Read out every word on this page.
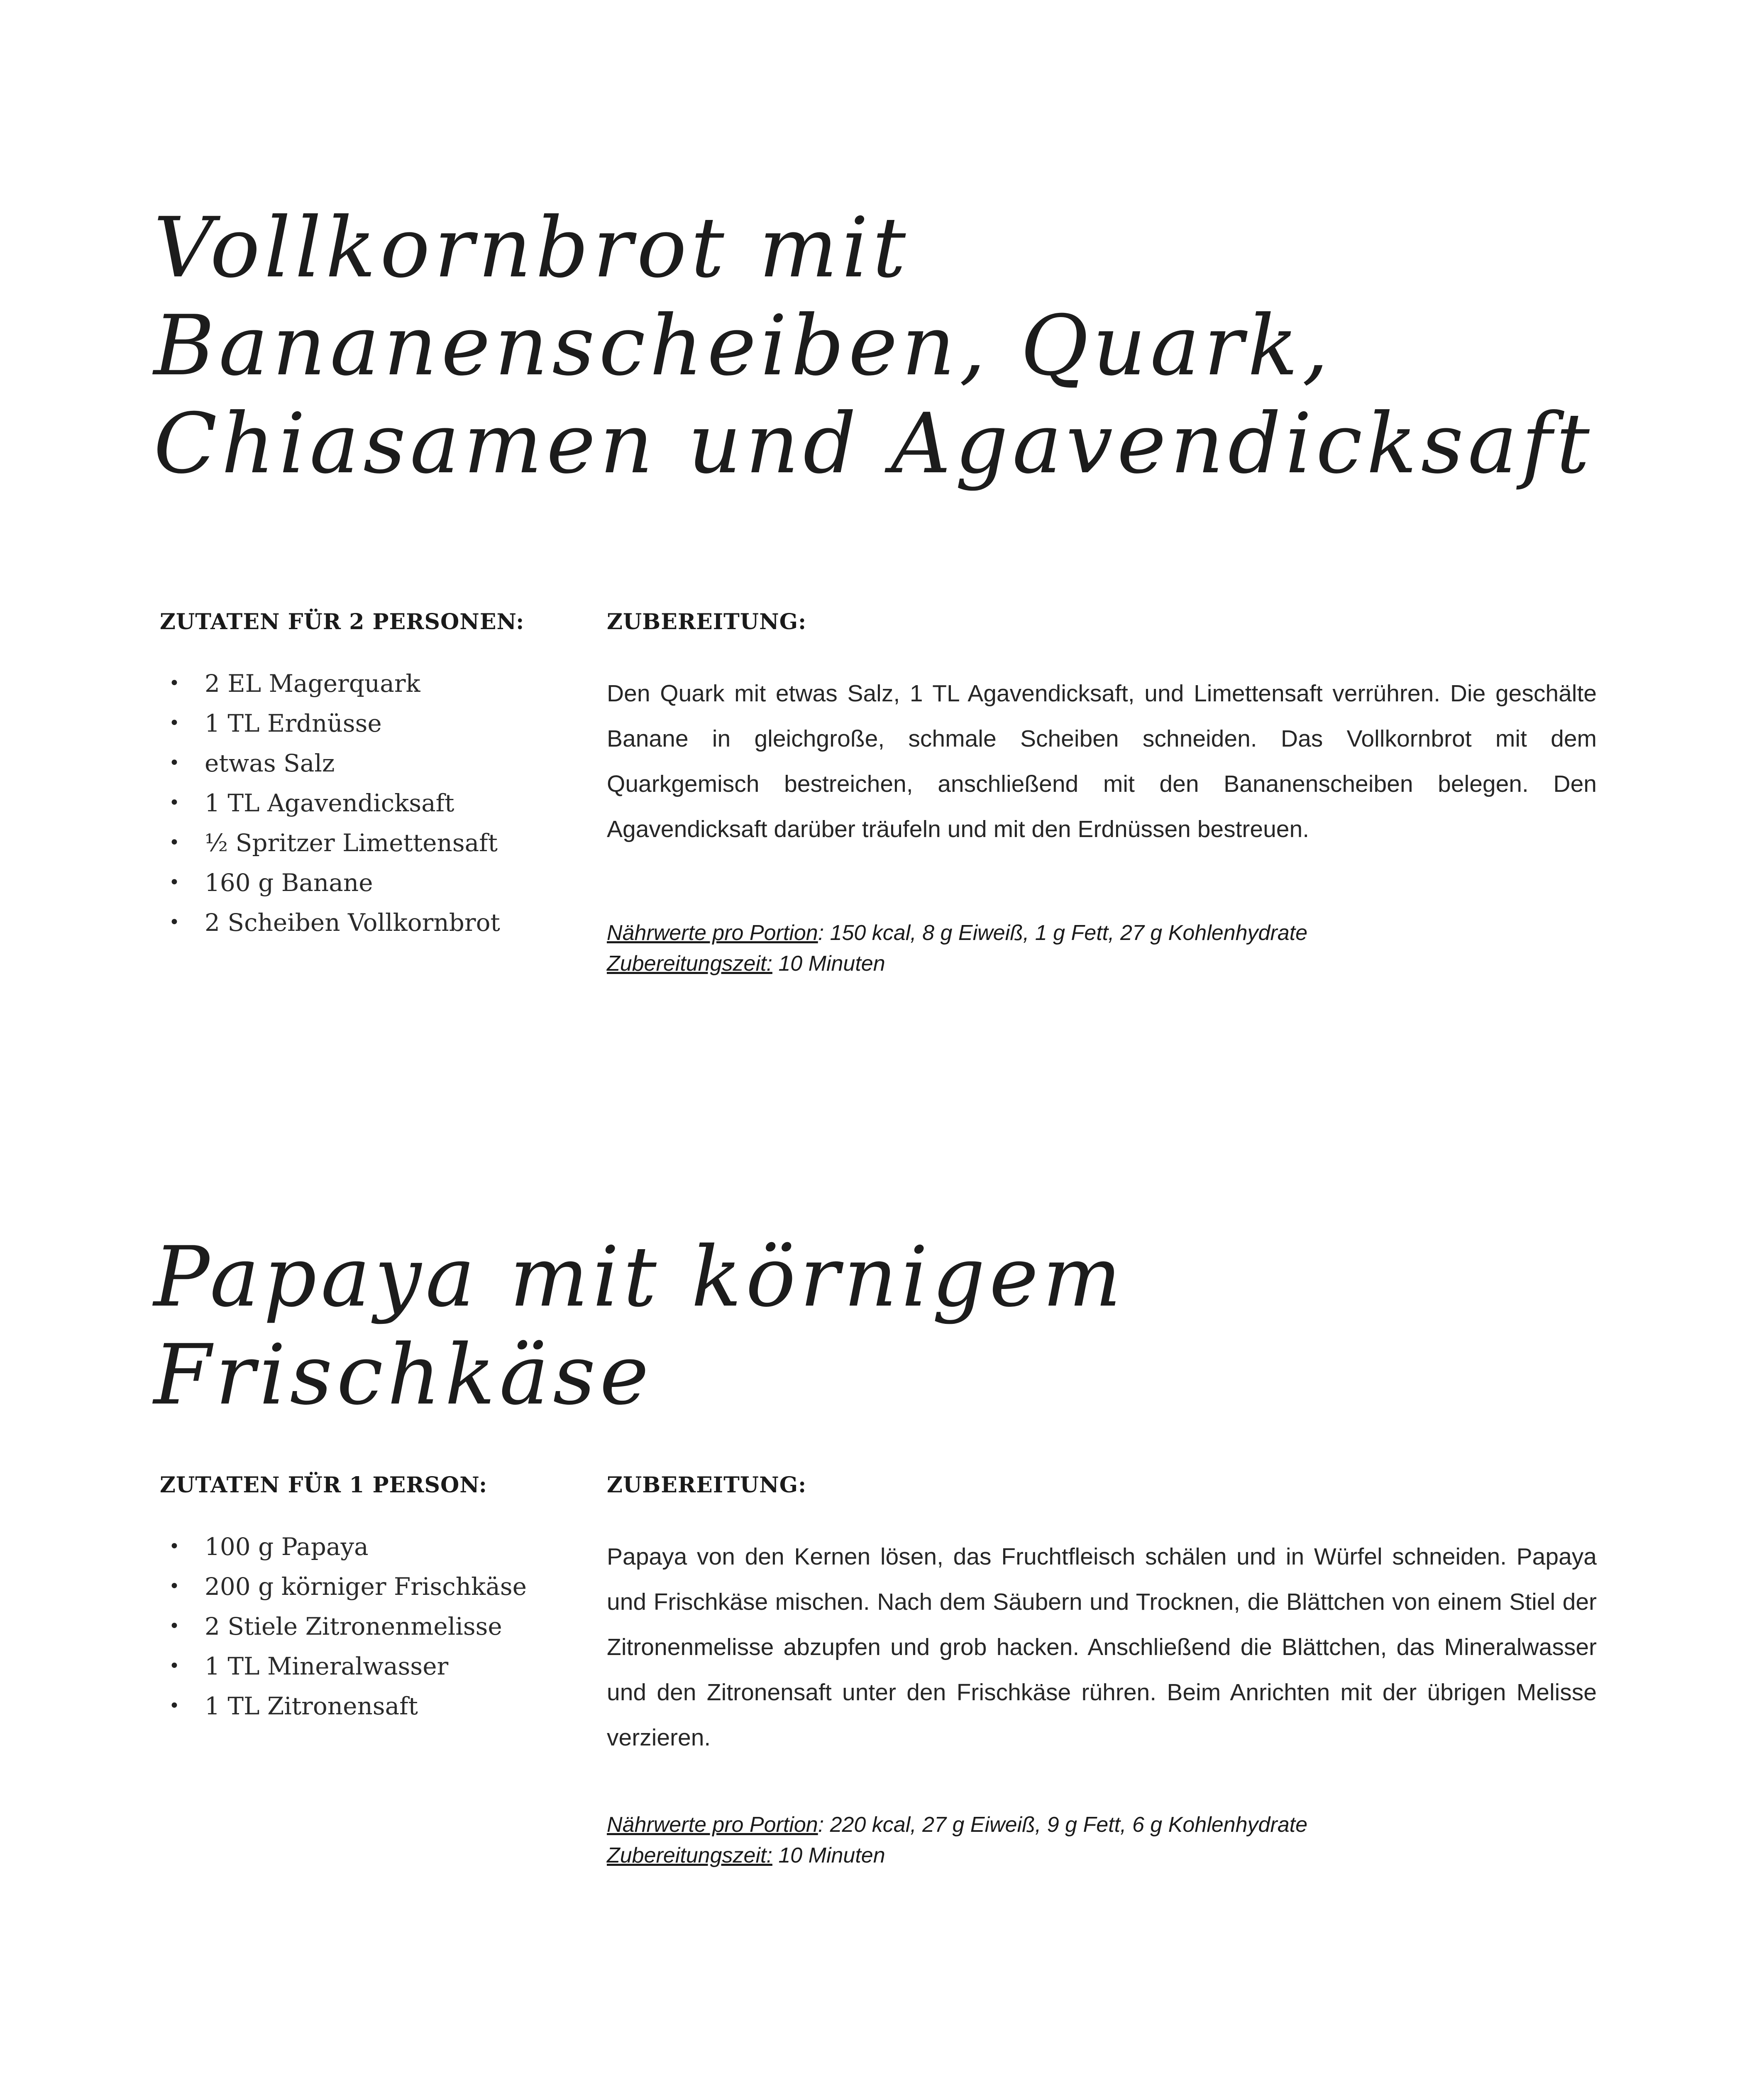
Vollkornbrot mit Bananenscheiben, Quark,
Chiasamen und Agavendicksaft

ZUTATEN FÜR 2 PERSONEN:

• 2 EL Magerquark
• 1 TL Erdnüsse
• etwas Salz
• 1 TL Agavendicksaft
• ½ Spritzer Limettensaft
• 160 g Banane
• 2 Scheiben Vollkornbrot

ZUBEREITUNG:

Den Quark mit etwas Salz, 1 TL Agavendicksaft, und Limettensaft verrühren. Die geschälte Banane in gleichgroße, schmale Scheiben schneiden. Das Vollkornbrot mit dem Quarkgemisch bestreichen, anschließend mit den Bananenscheiben belegen. Den Agavendicksaft darüber träufeln und mit den Erdnüssen bestreuen.

Nährwerte pro Portion: 150 kcal, 8 g Eiweiß, 1 g Fett, 27 g Kohlenhydrate

Zubereitungszeit: 10 Minuten

Papaya mit körnigem Frischkäse

ZUTATEN FÜR 1 PERSON:

• 100 g Papaya
• 200 g körniger Frischkäse
• 2 Stiele Zitronenmelisse
• 1 TL Mineralwasser
• 1 TL Zitronensaft

ZUBEREITUNG:

Papaya von den Kernen lösen, das Fruchtfleisch schälen und in Würfel schneiden. Papaya und Frischkäse mischen. Nach dem Säubern und Trocknen, die Blättchen von einem Stiel der Zitronenmelisse abzupfen und grob hacken. Anschließend die Blättchen, das Mineralwasser und den Zitronensaft unter den Frischkäse rühren. Beim Anrichten mit der übrigen Melisse verzieren.

Nährwerte pro Portion: 220 kcal, 27 g Eiweiß, 9 g Fett, 6 g Kohlenhydrate

Zubereitungszeit: 10 Minuten
